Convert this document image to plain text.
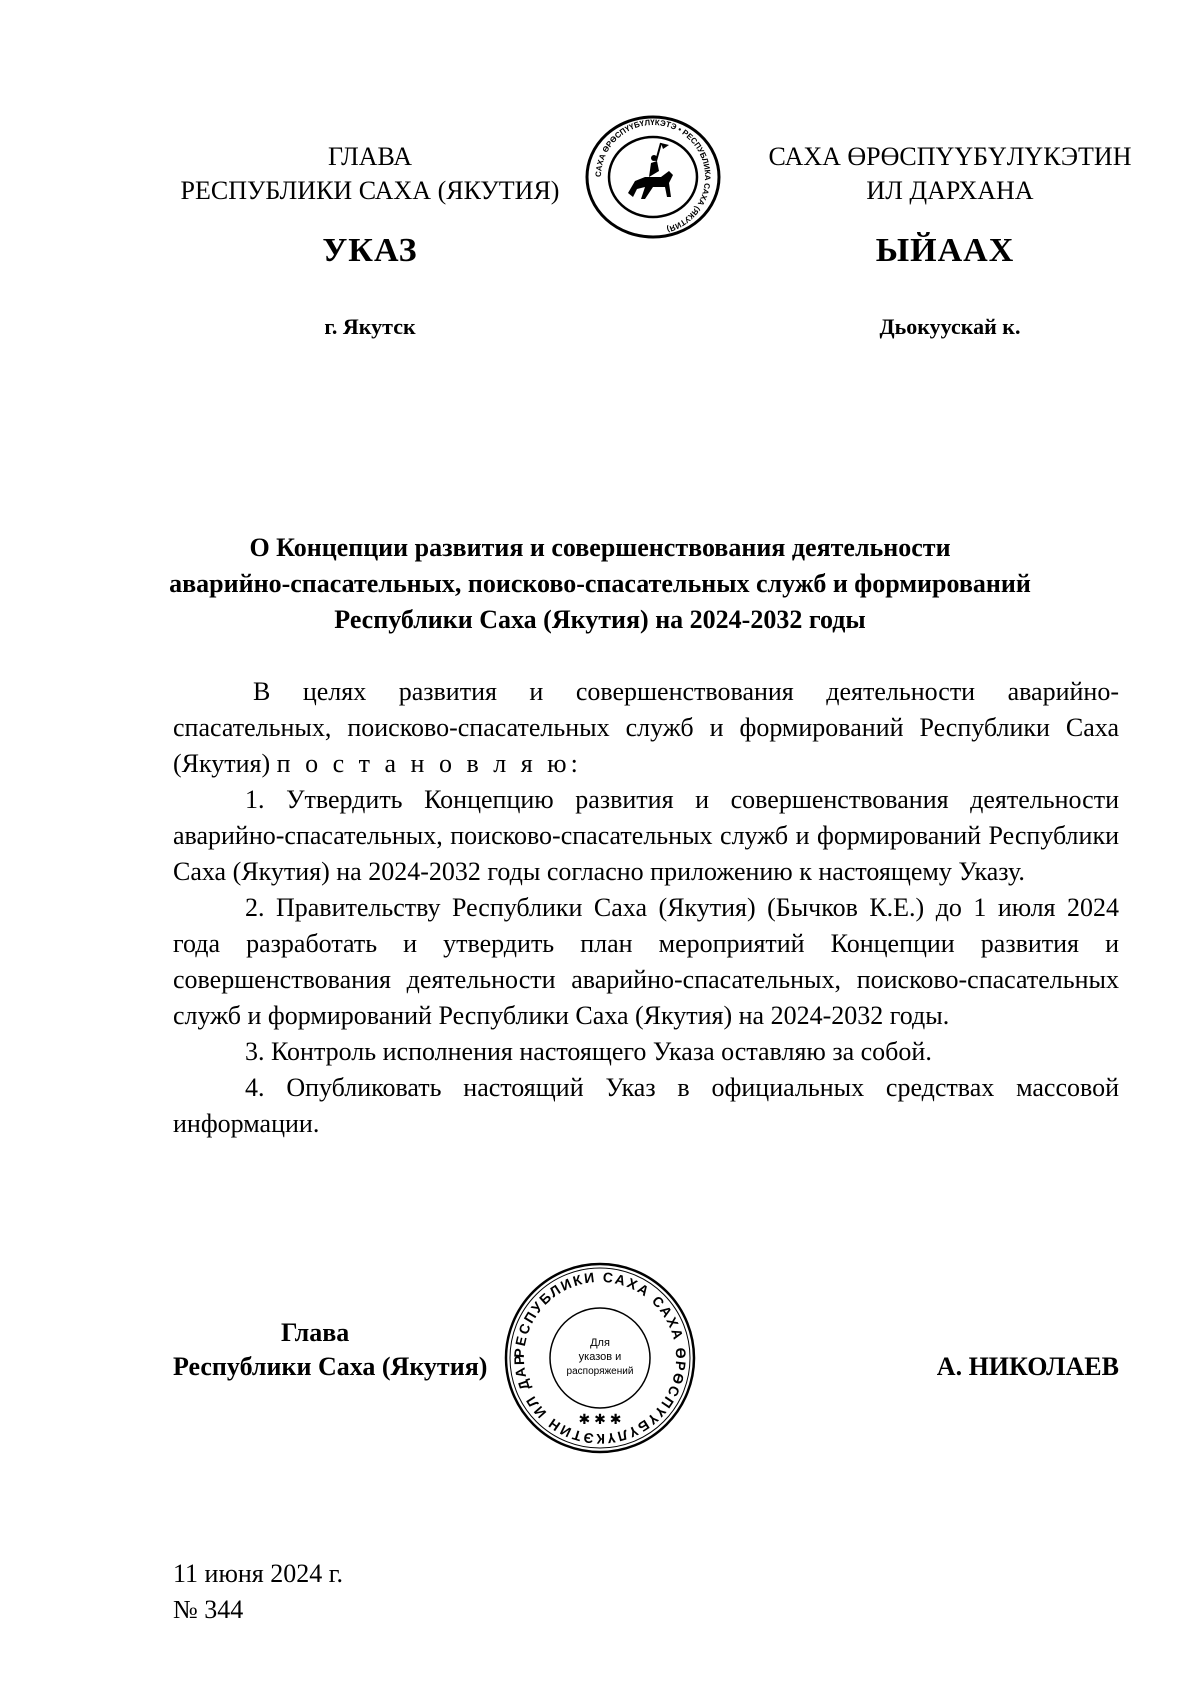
ГЛАВА
РЕСПУБЛИКИ САХА (ЯКУТИЯ)
САХА ӨРӨСПҮҮБҮЛҮКЭТЭ • РЕСПУБЛИКА САХА (ЯКУТИЯ)
САХА ӨРӨСПҮҮБҮЛҮКЭТИН
ИЛ ДАРХАНА
УКАЗ	ЫЙААХ
г. Якутск	Дьокуускай к.
О Концепции развития и совершенствования деятельности
аварийно-спасательных, поисково-спасательных служб и формирований
Республики Саха (Якутия) на 2024-2032 годы

В целях развития и совершенствования деятельности аварийно-спасательных, поисково-спасательных служб и формирований Республики Саха (Якутия) п о с т а н о в л я ю:

1. Утвердить Концепцию развития и совершенствования деятельности аварийно-спасательных, поисково-спасательных служб и формирований Республики Саха (Якутия) на 2024-2032 годы согласно приложению к настоящему Указу.

2. Правительству Республики Саха (Якутия) (Бычков К.Е.) до 1 июля 2024 года разработать и утвердить план мероприятий Концепции развития и совершенствования деятельности аварийно-спасательных, поисково-спасательных служб и формирований Республики Саха (Якутия) на 2024-2032 годы.

3. Контроль исполнения настоящего Указа оставляю за собой.

4. Опубликовать настоящий Указ в официальных средствах массовой информации.

Глава
Республики Саха (Якутия)	РЕСПУБЛИКИ САХА САХА ӨРӨСПҮҮБҮЛҮКЭТИН ИЛ ДАР
Для
указов и
распоряжений
✱ ✱ ✱
А. НИКОЛАЕВ
11 июня 2024 г.
№ 344
